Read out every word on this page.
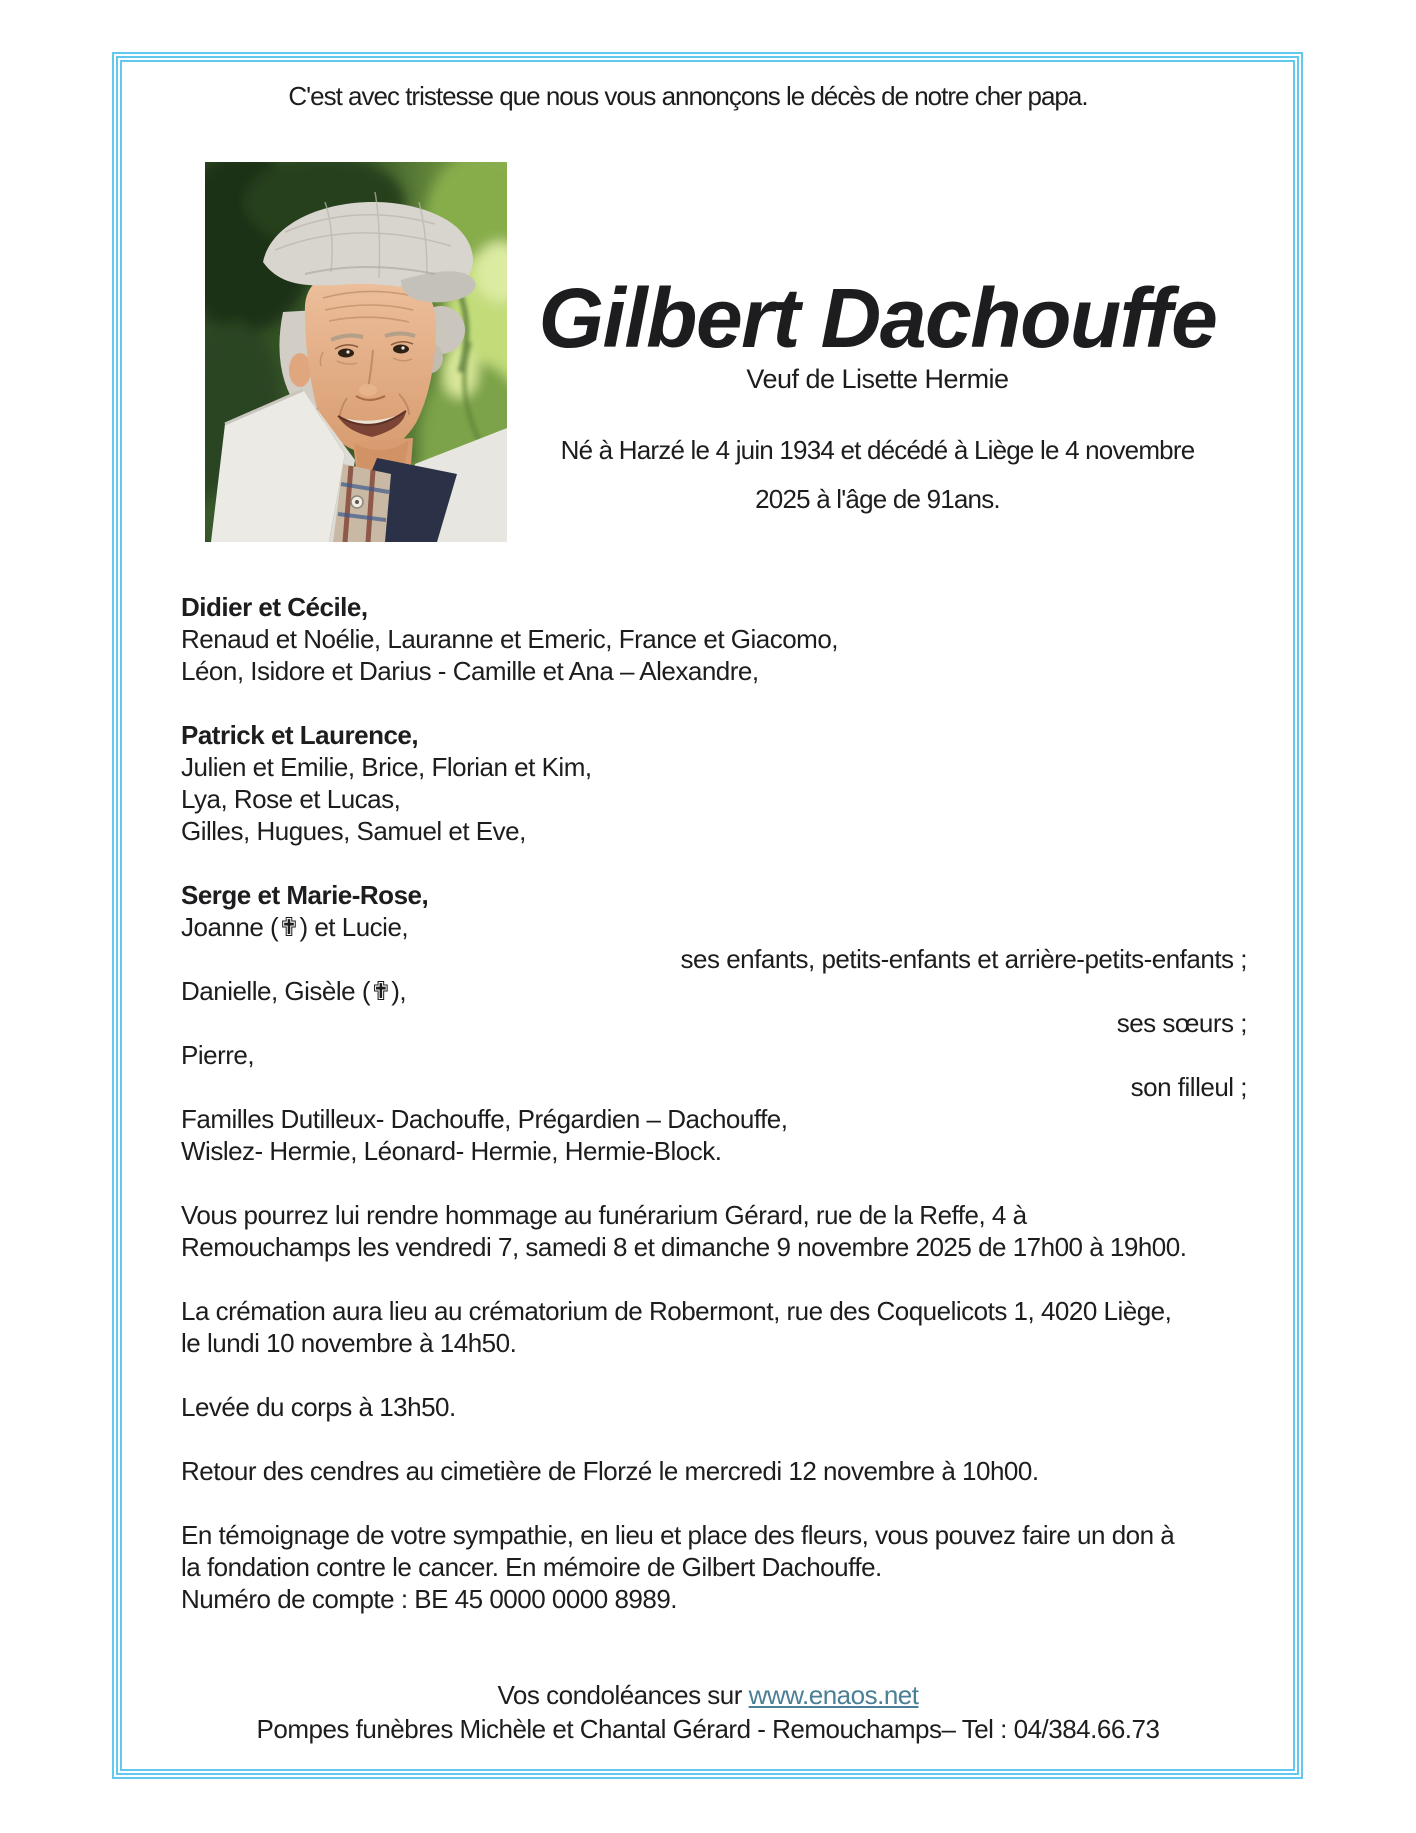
C'est avec tristesse que nous vous annonçons le décès de notre cher papa.
Gilbert Dachouffe
Veuf de Lisette Hermie
Né à Harzé le 4 juin 1934 et décédé à Liège le 4 novembre
2025 à l'âge de 91ans.
Didier et Cécile,
Renaud et Noélie, Lauranne et Emeric, France et Giacomo,
Léon, Isidore et Darius - Camille et Ana – Alexandre,
Patrick et Laurence,
Julien et Emilie, Brice, Florian et Kim,
Lya, Rose et Lucas,
Gilles, Hugues, Samuel et Eve,
Serge et Marie-Rose,
Joanne (✟) et Lucie,
ses enfants, petits-enfants et arrière-petits-enfants ;
Danielle, Gisèle (✟),
ses sœurs ;
Pierre,
son filleul ;
Familles Dutilleux- Dachouffe, Prégardien – Dachouffe,
Wislez- Hermie, Léonard- Hermie, Hermie-Block.
Vous pourrez lui rendre hommage au funérarium Gérard, rue de la Reffe, 4 à
Remouchamps les vendredi 7, samedi 8 et dimanche 9 novembre 2025 de 17h00 à 19h00.
La crémation aura lieu au crématorium de Robermont, rue des Coquelicots 1, 4020 Liège,
le lundi 10 novembre à 14h50.
Levée du corps à 13h50.
Retour des cendres au cimetière de Florzé le mercredi 12 novembre à 10h00.
En témoignage de votre sympathie, en lieu et place des fleurs, vous pouvez faire un don à
la fondation contre le cancer. En mémoire de Gilbert Dachouffe.
Numéro de compte : BE 45 0000 0000 8989.
Vos condoléances sur www.enaos.net
Pompes funèbres Michèle et Chantal Gérard - Remouchamps– Tel : 04/384.66.73
